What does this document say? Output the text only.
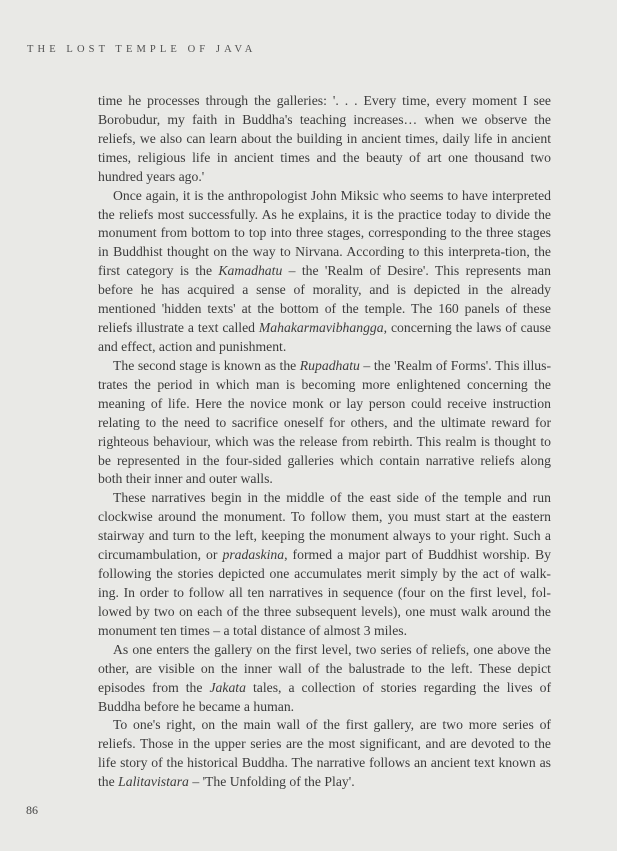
THE LOST TEMPLE OF JAVA

time he processes through the galleries: '. . . Every time, every moment I see Borobudur, my faith in Buddha's teaching increases… when we observe the reliefs, we also can learn about the building in ancient times, daily life in ancient times, religious life in ancient times and the beauty of art one thousand two hundred years ago.'

Once again, it is the anthropologist John Miksic who seems to have interpreted the reliefs most successfully. As he explains, it is the practice today to divide the monument from bottom to top into three stages, corresponding to the three stages in Buddhist thought on the way to Nirvana. According to this interpreta-tion, the first category is the Kamadhatu – the 'Realm of Desire'. This represents man before he has acquired a sense of morality, and is depicted in the already mentioned 'hidden texts' at the bottom of the temple. The 160 panels of these reliefs illustrate a text called Mahakarmavibhangga, concerning the laws of cause and effect, action and punishment.

The second stage is known as the Rupadhatu – the 'Realm of Forms'. This illus-trates the period in which man is becoming more enlightened concerning the meaning of life. Here the novice monk or lay person could receive instruction relating to the need to sacrifice oneself for others, and the ultimate reward for righteous behaviour, which was the release from rebirth. This realm is thought to be represented in the four-sided galleries which contain narrative reliefs along both their inner and outer walls.

These narratives begin in the middle of the east side of the temple and run clockwise around the monument. To follow them, you must start at the eastern stairway and turn to the left, keeping the monument always to your right. Such a circumambulation, or pradaskina, formed a major part of Buddhist worship. By following the stories depicted one accumulates merit simply by the act of walk-ing. In order to follow all ten narratives in sequence (four on the first level, fol-lowed by two on each of the three subsequent levels), one must walk around the monument ten times – a total distance of almost 3 miles.

As one enters the gallery on the first level, two series of reliefs, one above the other, are visible on the inner wall of the balustrade to the left. These depict episodes from the Jakata tales, a collection of stories regarding the lives of Buddha before he became a human.

To one's right, on the main wall of the first gallery, are two more series of reliefs. Those in the upper series are the most significant, and are devoted to the life story of the historical Buddha. The narrative follows an ancient text known as the Lalitavistara – 'The Unfolding of the Play'.

86
